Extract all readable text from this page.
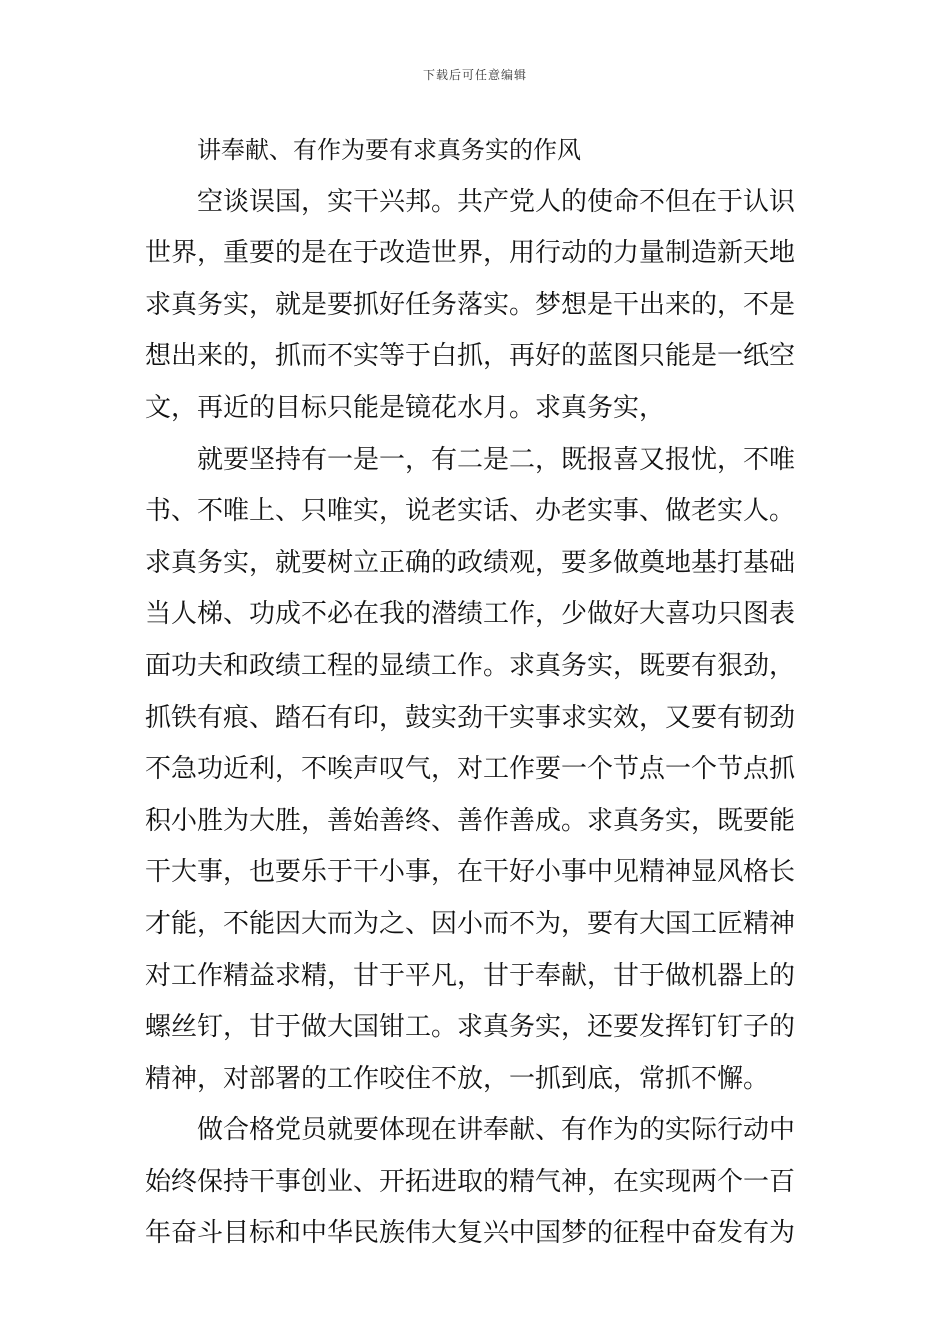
下载后可任意编辑
讲奉献、有作为要有求真务实的作风
空谈误国，实干兴邦。共产党人的使命不但在于认识
世界，重要的是在于改造世界，用行动的力量制造新天地
求真务实，就是要抓好任务落实。梦想是干出来的，不是
想出来的，抓而不实等于白抓，再好的蓝图只能是一纸空
文，再近的目标只能是镜花水月。求真务实，
就要坚持有一是一，有二是二，既报喜又报忧，不唯
书、不唯上、只唯实，说老实话、办老实事、做老实人。
求真务实，就要树立正确的政绩观，要多做奠地基打基础
当人梯、功成不必在我的潜绩工作，少做好大喜功只图表
面功夫和政绩工程的显绩工作。求真务实，既要有狠劲，
抓铁有痕、踏石有印，鼓实劲干实事求实效，又要有韧劲
不急功近利，不唉声叹气，对工作要一个节点一个节点抓
积小胜为大胜，善始善终、善作善成。求真务实，既要能
干大事，也要乐于干小事，在干好小事中见精神显风格长
才能，不能因大而为之、因小而不为，要有大国工匠精神
对工作精益求精，甘于平凡，甘于奉献，甘于做机器上的
螺丝钉，甘于做大国钳工。求真务实，还要发挥钉钉子的
精神，对部署的工作咬住不放，一抓到底，常抓不懈。
做合格党员就要体现在讲奉献、有作为的实际行动中
始终保持干事创业、开拓进取的精气神，在实现两个一百
年奋斗目标和中华民族伟大复兴中国梦的征程中奋发有为
